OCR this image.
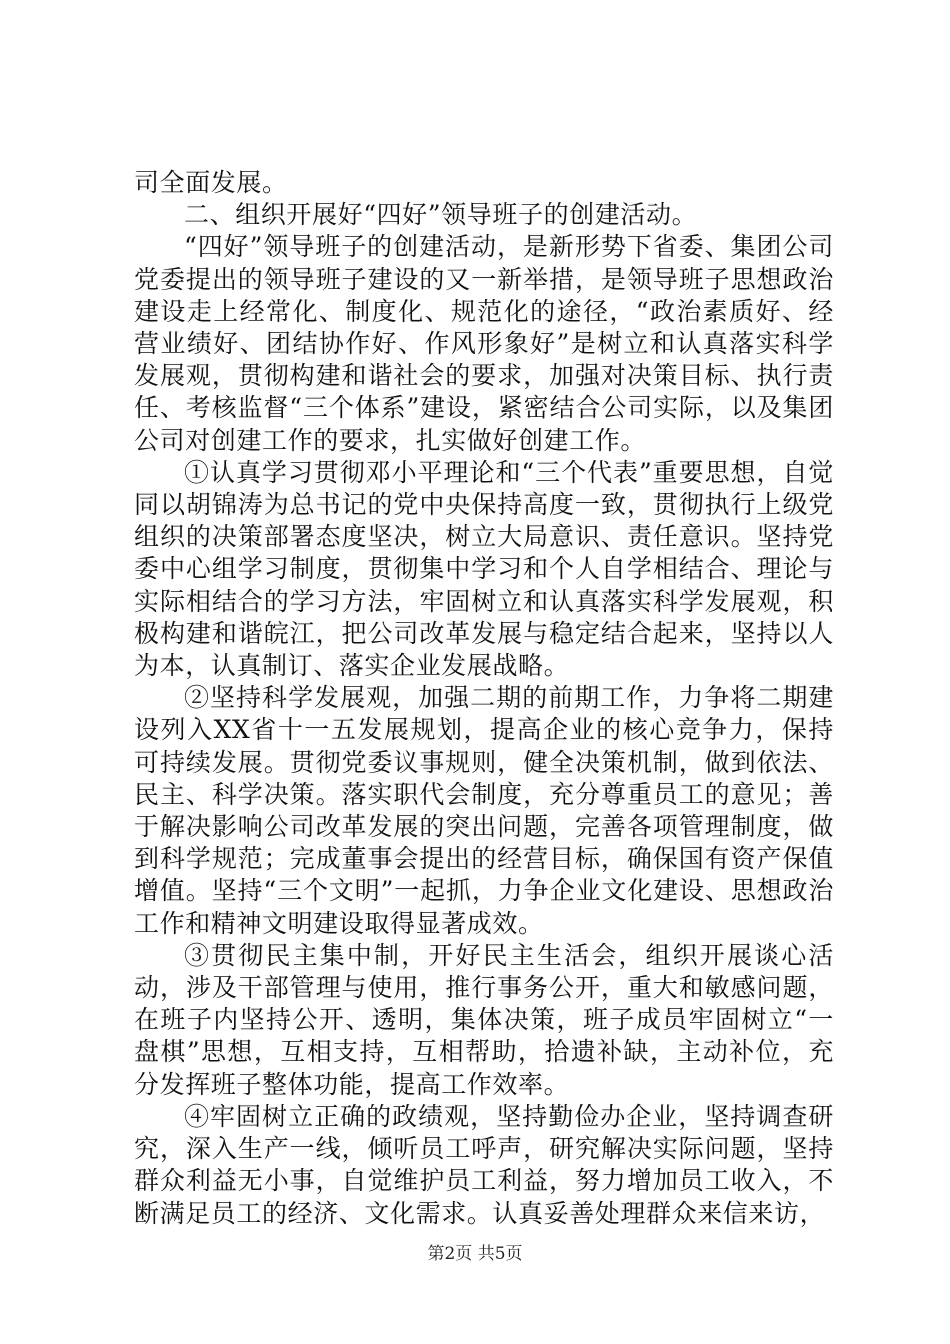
司全面发展。

二、组织开展好“四好”领导班子的创建活动。

“四好”领导班子的创建活动，是新形势下省委、集团公司党委提出的领导班子建设的又一新举措，是领导班子思想政治建设走上经常化、制度化、规范化的途径，“政治素质好、经营业绩好、团结协作好、作风形象好”是树立和认真落实科学发展观，贯彻构建和谐社会的要求，加强对决策目标、执行责任、考核监督“三个体系”建设，紧密结合公司实际，以及集团公司对创建工作的要求，扎实做好创建工作。

①认真学习贯彻邓小平理论和“三个代表”重要思想，自觉同以胡锦涛为总书记的党中央保持高度一致，贯彻执行上级党组织的决策部署态度坚决，树立大局意识、责任意识。坚持党委中心组学习制度，贯彻集中学习和个人自学相结合、理论与实际相结合的学习方法，牢固树立和认真落实科学发展观，积极构建和谐皖江，把公司改革发展与稳定结合起来，坚持以人为本，认真制订、落实企业发展战略。

②坚持科学发展观，加强二期的前期工作，力争将二期建设列入XX省十一五发展规划，提高企业的核心竞争力，保持可持续发展。贯彻党委议事规则，健全决策机制，做到依法、民主、科学决策。落实职代会制度，充分尊重员工的意见；善于解决影响公司改革发展的突出问题，完善各项管理制度，做到科学规范；完成董事会提出的经营目标，确保国有资产保值增值。坚持“三个文明”一起抓，力争企业文化建设、思想政治工作和精神文明建设取得显著成效。

③贯彻民主集中制，开好民主生活会，组织开展谈心活动，涉及干部管理与使用，推行事务公开，重大和敏感问题，在班子内坚持公开、透明，集体决策，班子成员牢固树立“一盘棋”思想，互相支持，互相帮助，拾遗补缺，主动补位，充分发挥班子整体功能，提高工作效率。

④牢固树立正确的政绩观，坚持勤俭办企业，坚持调查研究，深入生产一线，倾听员工呼声，研究解决实际问题，坚持群众利益无小事，自觉维护员工利益，努力增加员工收入，不断满足员工的经济、文化需求。认真妥善处理群众来信来访，

第2页 共5页
